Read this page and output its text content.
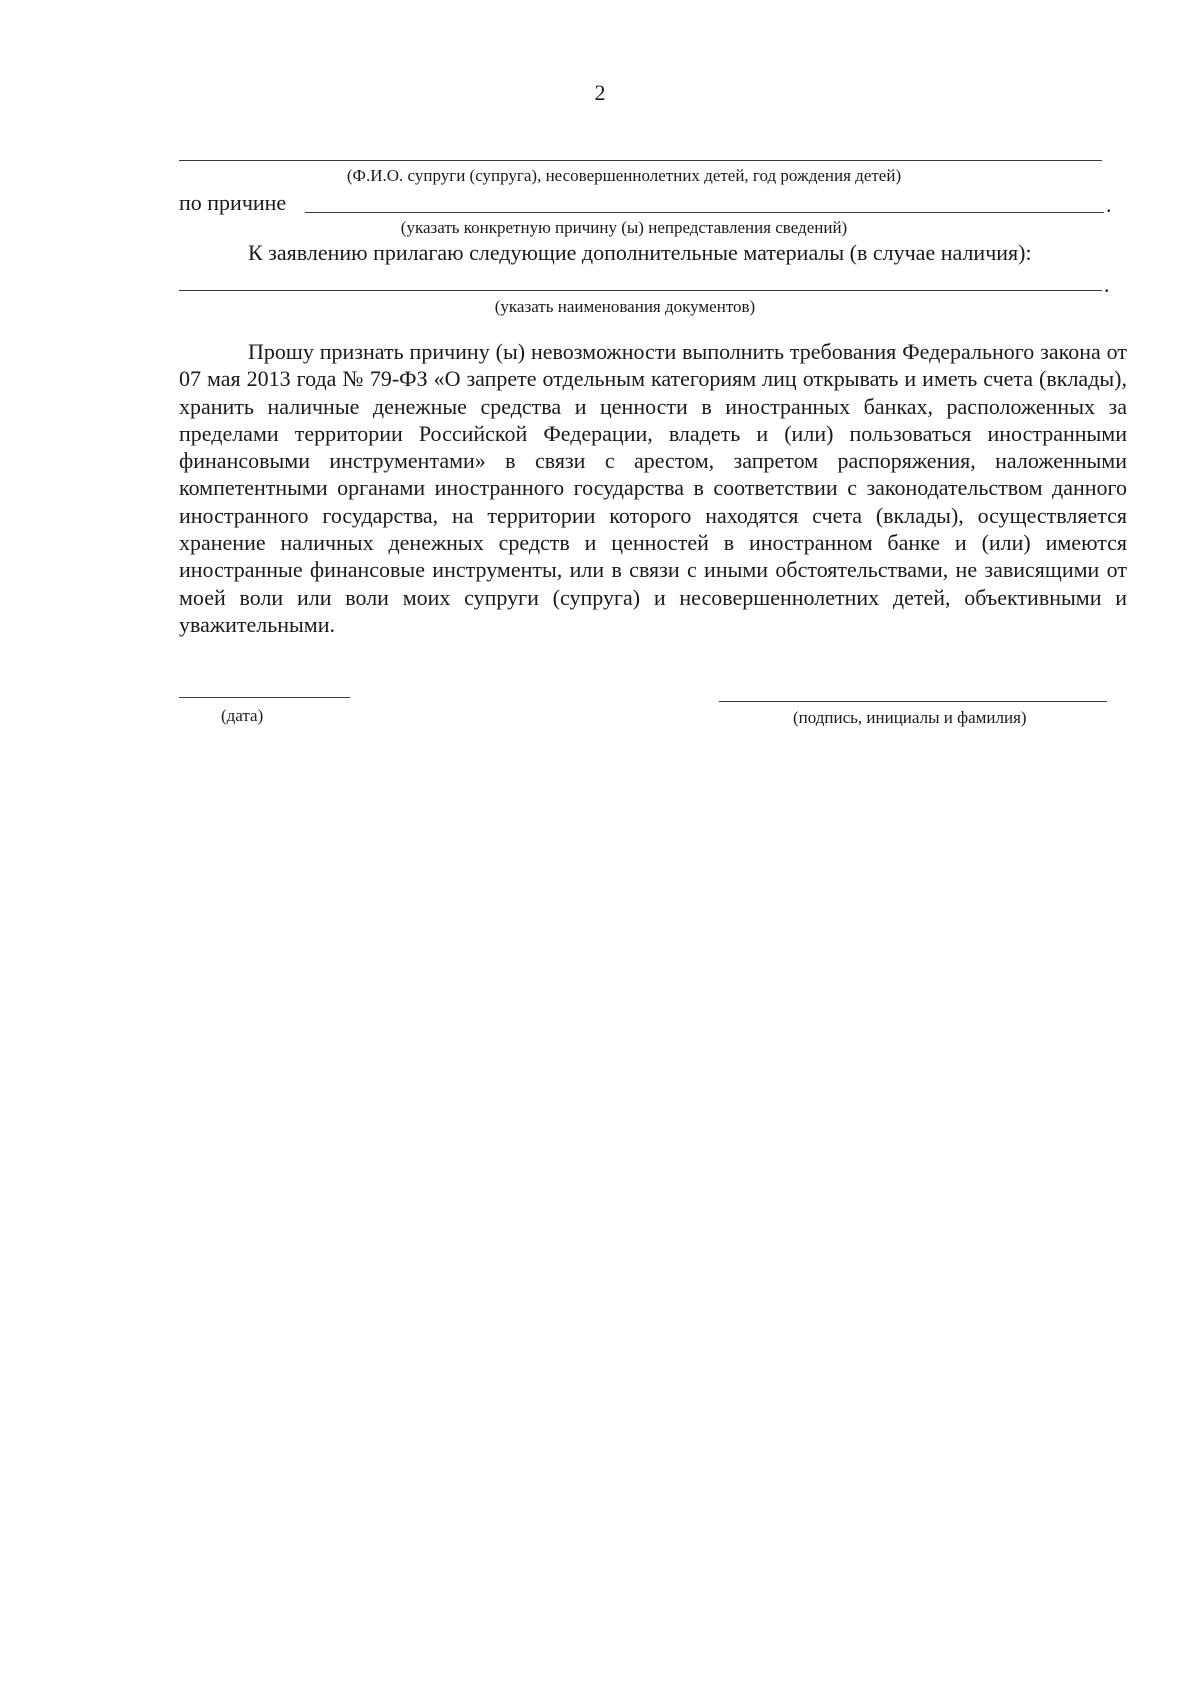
2
(Ф.И.О. супруги (супруга), несовершеннолетних детей, год рождения детей)
по причине	.
(указать конкретную причину (ы) непредставления сведений)
К заявлению прилагаю следующие дополнительные материалы (в случае наличия):
.
(указать наименования документов)

Прошу признать причину (ы) невозможности выполнить требования Федерального закона от 07 мая 2013 года № 79-ФЗ «О запрете отдельным категориям лиц открывать и иметь счета (вклады), хранить наличные денежные средства и ценности в иностранных банках, расположенных за пределами территории Российской Федерации, владеть и (или) пользоваться иностранными финансовыми инструментами» в связи с арестом, запретом распоряжения, наложенными компетентными органами иностранного государства в соответствии с законодательством данного иностранного государства, на территории которого находятся счета (вклады), осуществляется хранение наличных денежных средств и ценностей в иностранном банке и (или) имеются иностранные финансовые инструменты, или в связи с иными обстоятельствами, не зависящими от моей воли или воли моих супруги (супруга) и несовершеннолетних детей, объективными и уважительными.

(дата)	(подпись, инициалы и фамилия)
